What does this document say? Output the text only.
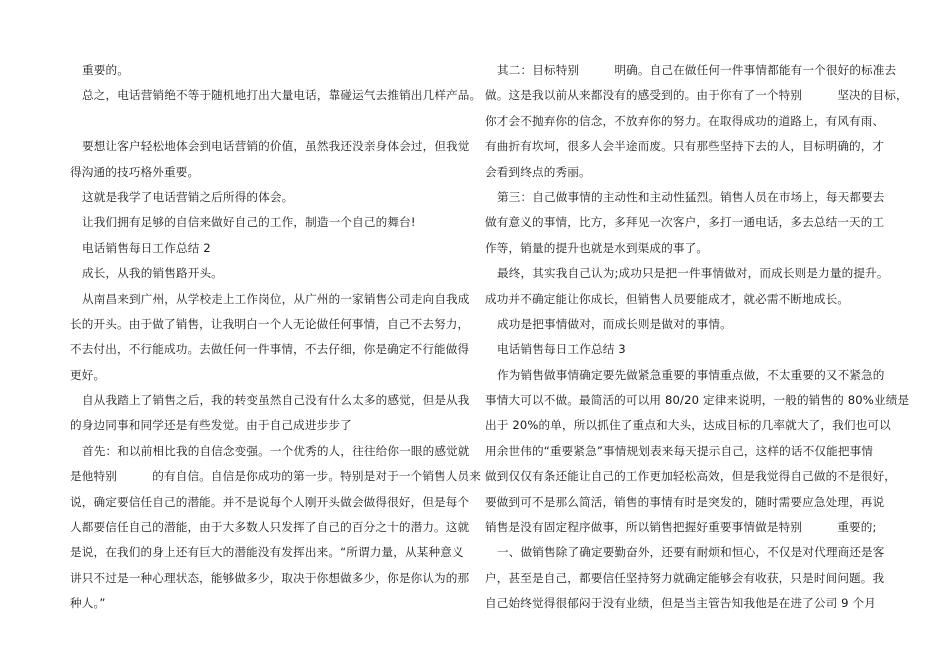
重要的。
总之，电话营销绝不等于随机地打出大量电话，靠碰运气去推销出几样产品。
要想让客户轻松地体会到电话营销的价值，虽然我还没亲身体会过，但我觉
得沟通的技巧格外重要。
这就是我学了电话营销之后所得的体会。
让我们拥有足够的自信来做好自己的工作，制造一个自己的舞台!
电话销售每日工作总结 2
成长，从我的销售路开头。
从南昌来到广州，从学校走上工作岗位，从广州的一家销售公司走向自我成
长的开头。由于做了销售，让我明白一个人无论做任何事情，自己不去努力，
不去付出，不行能成功。去做任何一件事情，不去仔细，你是确定不行能做得
更好。
自从我踏上了销售之后，我的转变虽然自己没有什么太多的感觉，但是从我
的身边同事和同学还是有些发觉。由于自己成进步步了
首先：和以前相比我的自信念变强。一个优秀的人，往往给你一眼的感觉就
是他特别　　　的有自信。自信是你成功的第一步。特别是对于一个销售人员来
说，确定要信任自己的潜能。并不是说每个人刚开头做会做得很好，但是每个
人都要信任自己的潜能，由于大多数人只发挥了自己的百分之十的潜力。这就
是说，在我们的身上还有巨大的潜能没有发挥出来。“所谓力量，从某种意义
讲只不过是一种心理状态，能够做多少，取决于你想做多少，你是你认为的那
种人。”
其二：目标特别　　　明确。自己在做任何一件事情都能有一个很好的标准去
做。这是我以前从来都没有的感受到的。由于你有了一个特别　　　坚决的目标，
你才会不抛弃你的信念，不放弃你的努力。在取得成功的道路上，有风有雨、
有曲折有坎坷，很多人会半途而废。只有那些坚持下去的人，目标明确的，才
会看到终点的秀丽。
第三：自己做事情的主动性和主动性猛烈。销售人员在市场上，每天都要去
做有意义的事情，比方，多拜见一次客户，多打一通电话，多去总结一天的工
作等，销量的提升也就是水到渠成的事了。
最终，其实我自己认为;成功只是把一件事情做对，而成长则是力量的提升。
成功并不确定能让你成长，但销售人员要能成才，就必需不断地成长。
成功是把事情做对，而成长则是做对的事情。
电话销售每日工作总结 3
作为销售做事情确定要先做紧急重要的事情重点做，不太重要的又不紧急的
事情大可以不做。最简活的可以用 80/20 定律来说明，一般的销售的 80%业绩是
出于 20%的单，所以抓住了重点和大头，达成目标的几率就大了，我们也可以
用余世伟的“重要紧急”事情规划表来每天提示自己，这样的话不仅能把事情
做到仅仅有条还能让自己的工作更加轻松高效，但是我觉得自己做的不是很好，
要做到可不是那么简活，销售的事情有时是突发的，随时需要应急处理，再说
销售是没有固定程序做事，所以销售把握好重要事情做是特别　　　重要的;
一、做销售除了确定要勤奋外，还要有耐烦和恒心，不仅是对代理商还是客
户，甚至是自己，都要信任坚持努力就确定能够会有收获，只是时间问题。我
自己始终觉得很郁闷于没有业绩，但是当主管告知我他是在进了公司 9 个月
